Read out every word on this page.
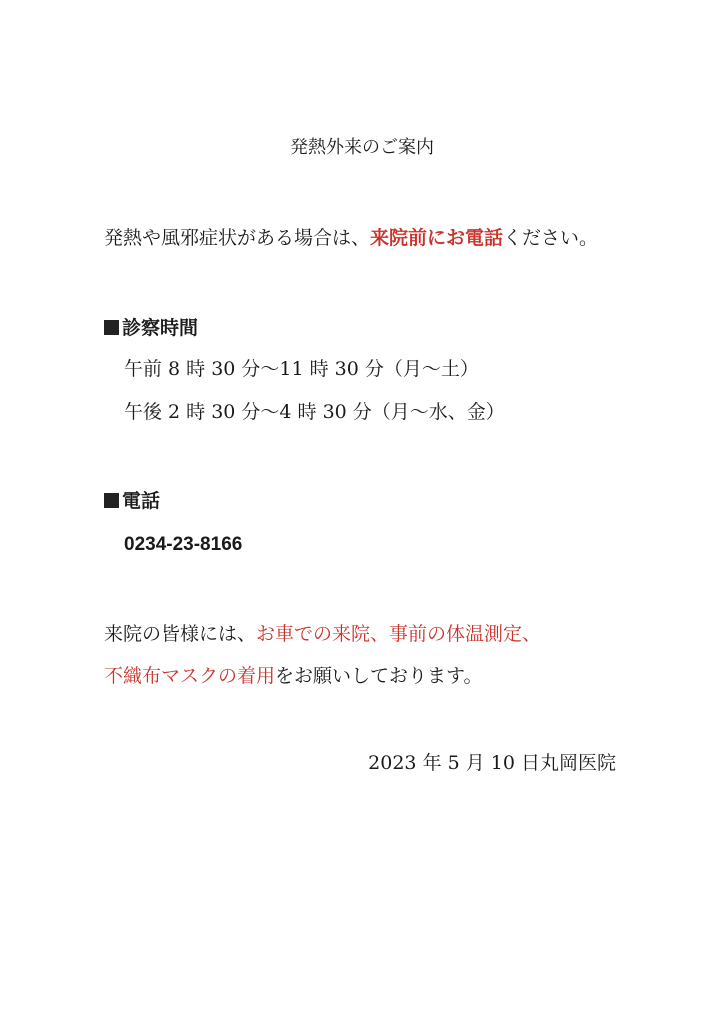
発熱外来のご案内
発熱や風邪症状がある場合は、来院前にお電話ください。
診察時間
午前 8 時 30 分〜11 時 30 分（月〜土）
午後 2 時 30 分〜4 時 30 分（月〜水、金）
電話
0234-23-8166
来院の皆様には、お車での来院、事前の体温測定、
不織布マスクの着用をお願いしております。
2023 年 5 月 10 日丸岡医院
